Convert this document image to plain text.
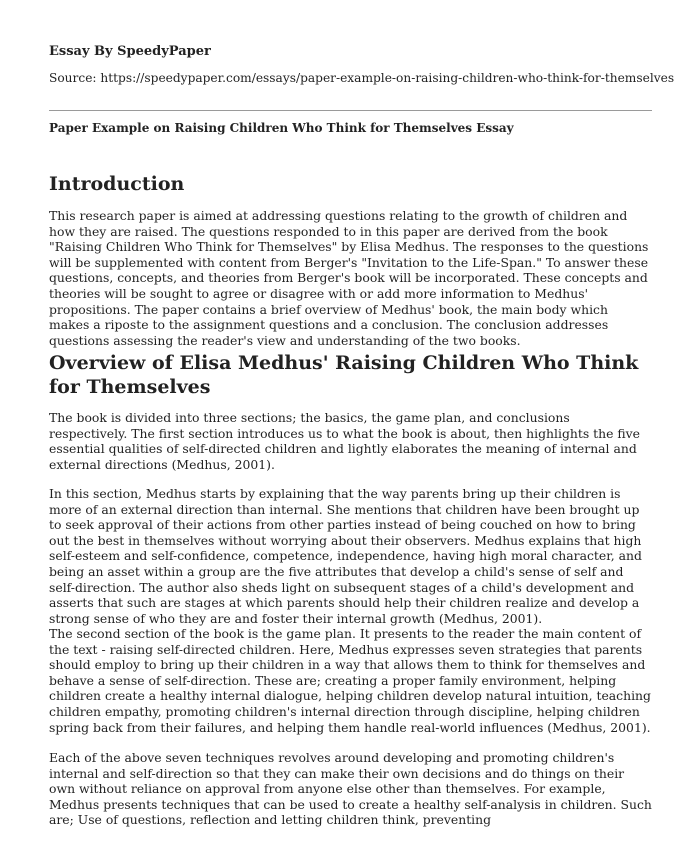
Essay By SpeedyPaper
Source: https://speedypaper.com/essays/paper-example-on-raising-children-who-think-for-themselves
Paper Example on Raising Children Who Think for Themselves Essay
Introduction

This research paper is aimed at addressing questions relating to the growth of children and how they are raised. The questions responded to in this paper are derived from the book "Raising Children Who Think for Themselves" by Elisa Medhus. The responses to the questions will be supplemented with content from Berger's "Invitation to the Life-Span." To answer these questions, concepts, and theories from Berger's book will be incorporated. These concepts and theories will be sought to agree or disagree with or add more information to Medhus' propositions. The paper contains a brief overview of Medhus' book, the main body which makes a riposte to the assignment questions and a conclusion. The conclusion addresses questions assessing the reader's view and understanding of the two books.

Overview of Elisa Medhus' Raising Children Who Think for Themselves

The book is divided into three sections; the basics, the game plan, and conclusions respectively. The first section introduces us to what the book is about, then highlights the five essential qualities of self-directed children and lightly elaborates the meaning of internal and external directions (Medhus, 2001).

In this section, Medhus starts by explaining that the way parents bring up their children is more of an external direction than internal. She mentions that children have been brought up to seek approval of their actions from other parties instead of being couched on how to bring out the best in themselves without worrying about their observers. Medhus explains that high self-esteem and self-confidence, competence, independence, having high moral character, and being an asset within a group are the five attributes that develop a child's sense of self and self-direction. The author also sheds light on subsequent stages of a child's development and asserts that such are stages at which parents should help their children realize and develop a strong sense of who they are and foster their internal growth (Medhus, 2001).

The second section of the book is the game plan. It presents to the reader the main content of the text - raising self-directed children. Here, Medhus expresses seven strategies that parents should employ to bring up their children in a way that allows them to think for themselves and behave a sense of self-direction. These are; creating a proper family environment, helping children create a healthy internal dialogue, helping children develop natural intuition, teaching children empathy, promoting children's internal direction through discipline, helping children spring back from their failures, and helping them handle real-world influences (Medhus, 2001).

Each of the above seven techniques revolves around developing and promoting children's internal and self-direction so that they can make their own decisions and do things on their own without reliance on approval from anyone else other than themselves. For example, Medhus presents techniques that can be used to create a healthy self-analysis in children. Such are; Use of questions, reflection and letting children think, preventing
